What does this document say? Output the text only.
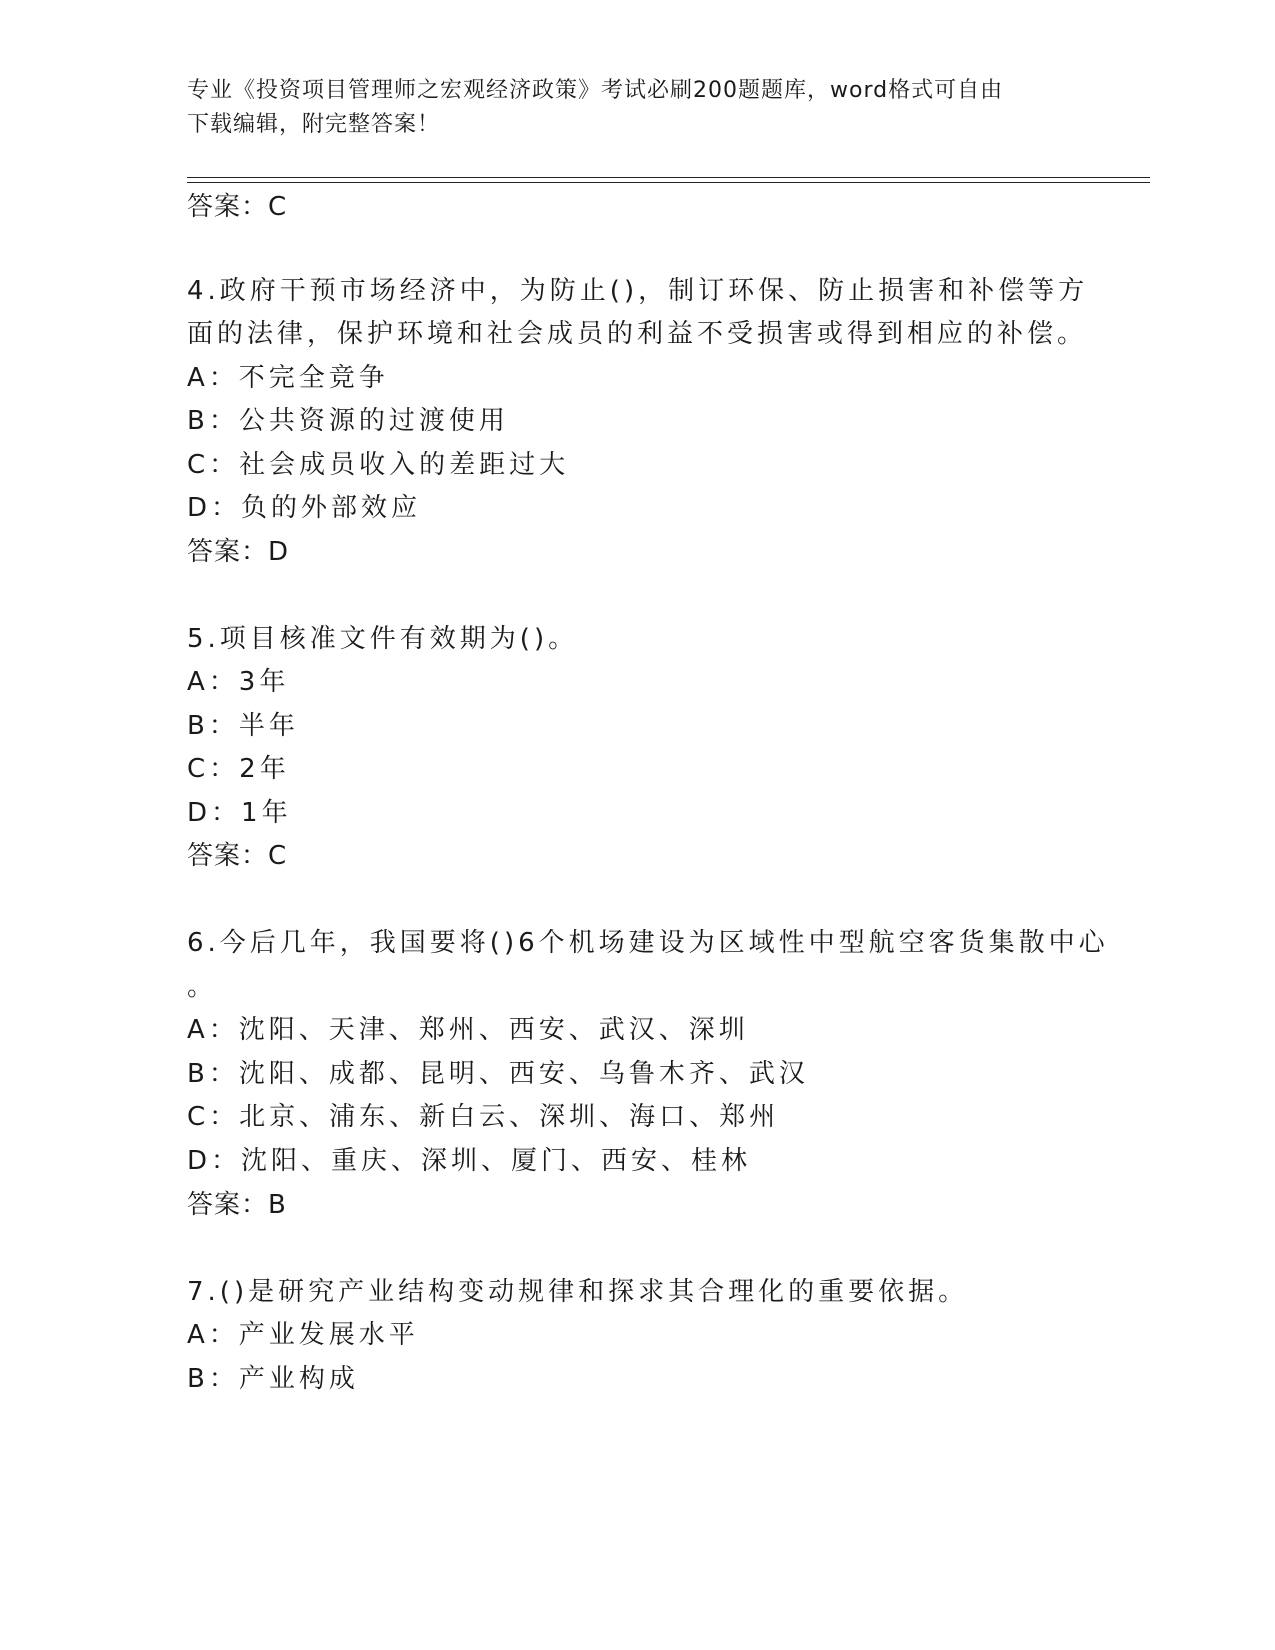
专业《投资项目管理师之宏观经济政策》考试必刷200题题库，word格式可自由
下载编辑，附完整答案！
答案：C
4.政府干预市场经济中，为防止()，制订环保、防止损害和补偿等方
面的法律，保护环境和社会成员的利益不受损害或得到相应的补偿。
A：不完全竞争
B：公共资源的过渡使用
C：社会成员收入的差距过大
D：负的外部效应
答案：D
5.项目核准文件有效期为()。
A：3年
B：半年
C：2年
D：1年
答案：C
6.今后几年，我国要将()6个机场建设为区域性中型航空客货集散中心
。
A：沈阳、天津、郑州、西安、武汉、深圳
B：沈阳、成都、昆明、西安、乌鲁木齐、武汉
C：北京、浦东、新白云、深圳、海口、郑州
D：沈阳、重庆、深圳、厦门、西安、桂林
答案：B
7.()是研究产业结构变动规律和探求其合理化的重要依据。
A：产业发展水平
B：产业构成
